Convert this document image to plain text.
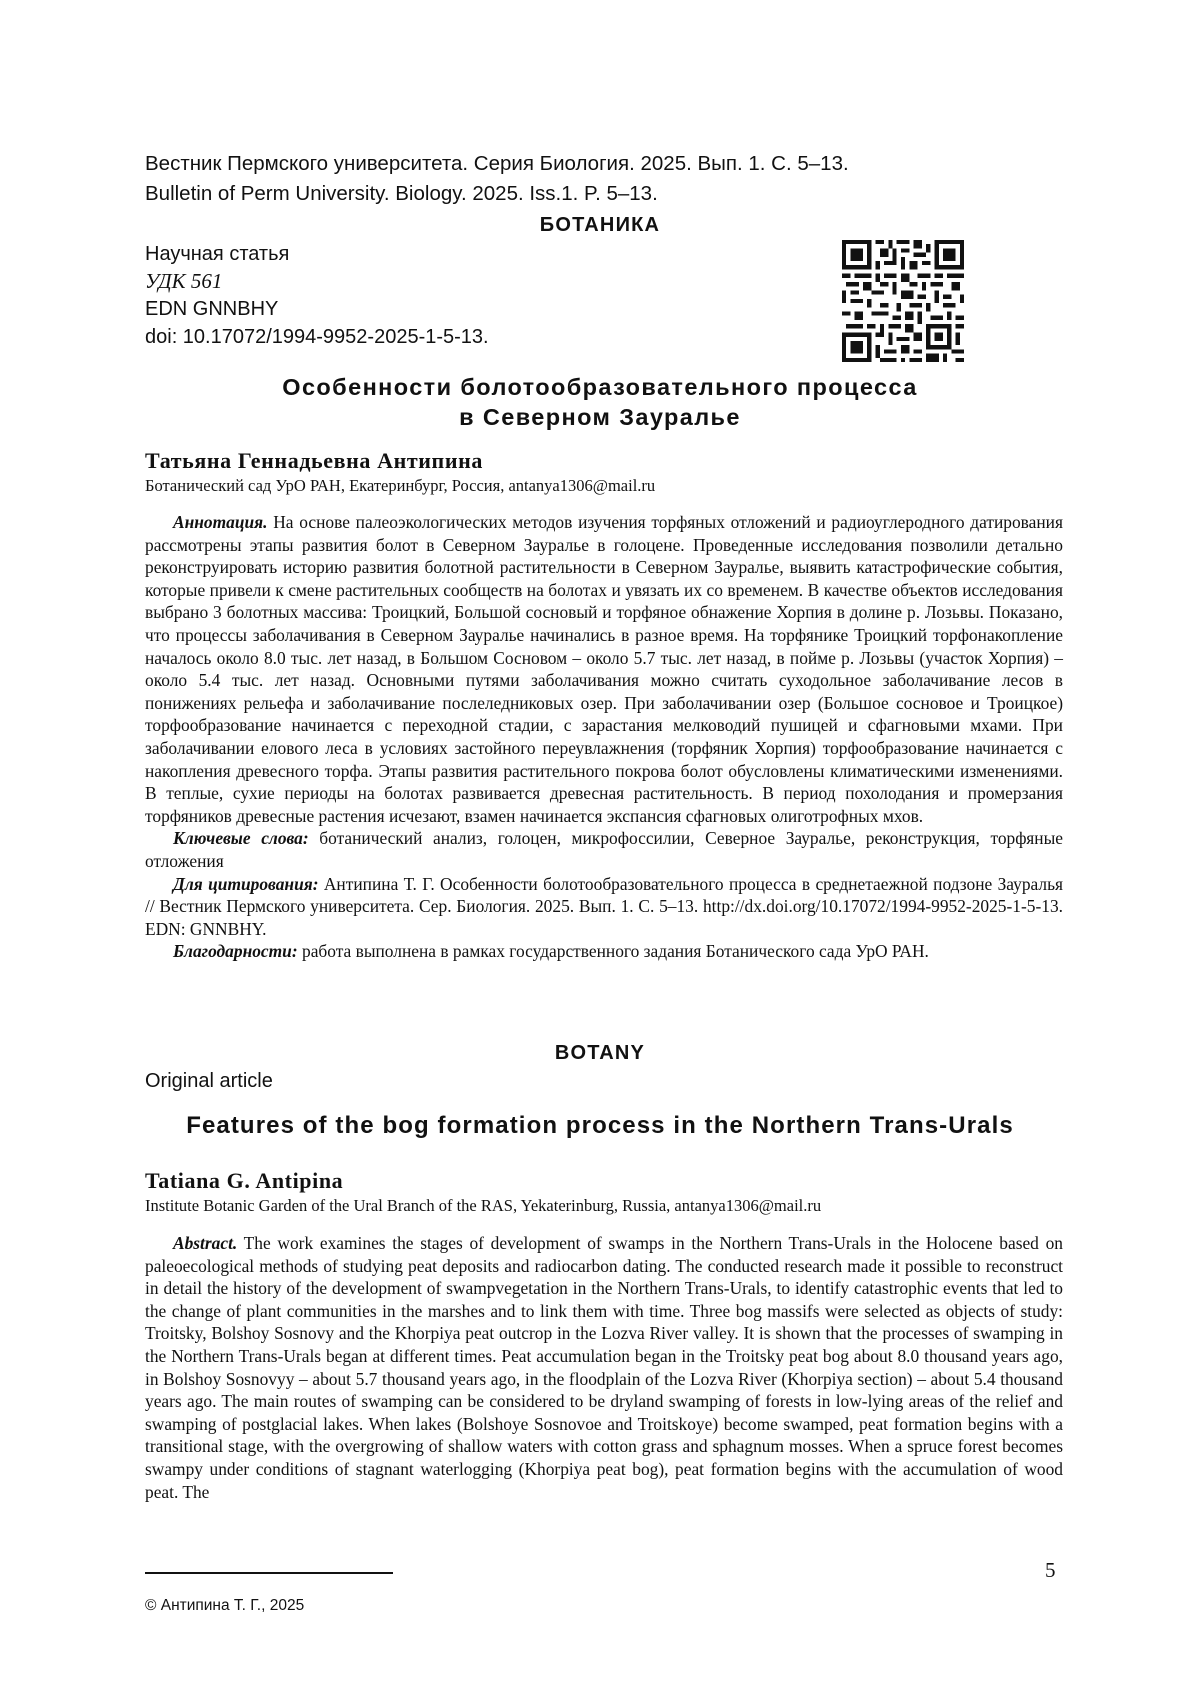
Вестник Пермского университета. Серия Биология. 2025. Вып. 1. С. 5–13.
Bulletin of Perm University. Biology. 2025. Iss.1. P. 5–13.
БОТАНИКА
Научная статья
УДК 561
EDN GNNBHY
doi: 10.17072/1994-9952-2025-1-5-13.
Особенности болотообразовательного процесса
в Северном Зауралье
Татьяна Геннадьевна Антипина
Ботанический сад УрО РАН, Екатеринбург, Россия, antanya1306@mail.ru

Аннотация. На основе палеоэкологических методов изучения торфяных отложений и радиоуглеродного датирования рассмотрены этапы развития болот в Северном Зауралье в голоцене. Проведенные исследования позволили детально реконструировать историю развития болотной растительности в Северном Зауралье, выявить катастрофические события, которые привели к смене растительных сообществ на болотах и увязать их со временем. В качестве объектов исследования выбрано 3 болотных массива: Троицкий, Большой сосновый и торфяное обнажение Хорпия в долине р. Лозьвы. Показано, что процессы заболачивания в Северном Зауралье начинались в разное время. На торфянике Троицкий торфонакопление началось около 8.0 тыс. лет назад, в Большом Сосновом – около 5.7 тыс. лет назад, в пойме р. Лозьвы (участок Хорпия) – около 5.4 тыс. лет назад. Основными путями заболачивания можно считать суходольное заболачивание лесов в понижениях рельефа и заболачивание послеледниковых озер. При заболачивании озер (Большое сосновое и Троицкое) торфообразование начинается с переходной стадии, с зарастания мелководий пушицей и сфагновыми мхами. При заболачивании елового леса в условиях застойного переувлажнения (торфяник Хорпия) торфообразование начинается с накопления древесного торфа. Этапы развития растительного покрова болот обусловлены климатическими изменениями. В теплые, сухие периоды на болотах развивается древесная растительность. В период похолодания и промерзания торфяников древесные растения исчезают, взамен начинается экспансия сфагновых олиготрофных мхов.

Ключевые слова: ботанический анализ, голоцен, микрофоссилии, Северное Зауралье, реконструкция, торфяные отложения

Для цитирования: Антипина Т. Г. Особенности болотообразовательного процесса в среднетаежной подзоне Зауралья // Вестник Пермского университета. Сер. Биология. 2025. Вып. 1. С. 5–13. http://dx.doi.org/10.17072/1994-9952-2025-1-5-13. EDN: GNNBHY.

Благодарности: работа выполнена в рамках государственного задания Ботанического сада УрО РАН.

BOTANY
Original article
Features of the bog formation process in the Northern Trans-Urals
Tatiana G. Antipina
Institute Botanic Garden of the Ural Branch of the RAS, Yekaterinburg, Russia, antanya1306@mail.ru

Abstract. The work examines the stages of development of swamps in the Northern Trans-Urals in the Holocene based on paleoecological methods of studying peat deposits and radiocarbon dating. The conducted research made it possible to reconstruct in detail the history of the development of swampvegetation in the Northern Trans-Urals, to identify catastrophic events that led to the change of plant communities in the marshes and to link them with time. Three bog massifs were selected as objects of study: Troitsky, Bolshoy Sosnovy and the Khorpiya peat outcrop in the Lozva River valley. It is shown that the processes of swamping in the Northern Trans-Urals began at different times. Peat accumulation began in the Troitsky peat bog about 8.0 thousand years ago, in Bolshoy Sosnovyy – about 5.7 thousand years ago, in the floodplain of the Lozva River (Khorpiya section) – about 5.4 thousand years ago. The main routes of swamping can be considered to be dryland swamping of forests in low-lying areas of the relief and swamping of postglacial lakes. When lakes (Bolshoye Sosnovoe and Troitskoye) become swamped, peat formation begins with a transitional stage, with the overgrowing of shallow waters with cotton grass and sphagnum mosses. When a spruce forest becomes swampy under conditions of stagnant waterlogging (Khorpiya peat bog), peat formation begins with the accumulation of wood peat. The

5
© Антипина Т. Г., 2025
